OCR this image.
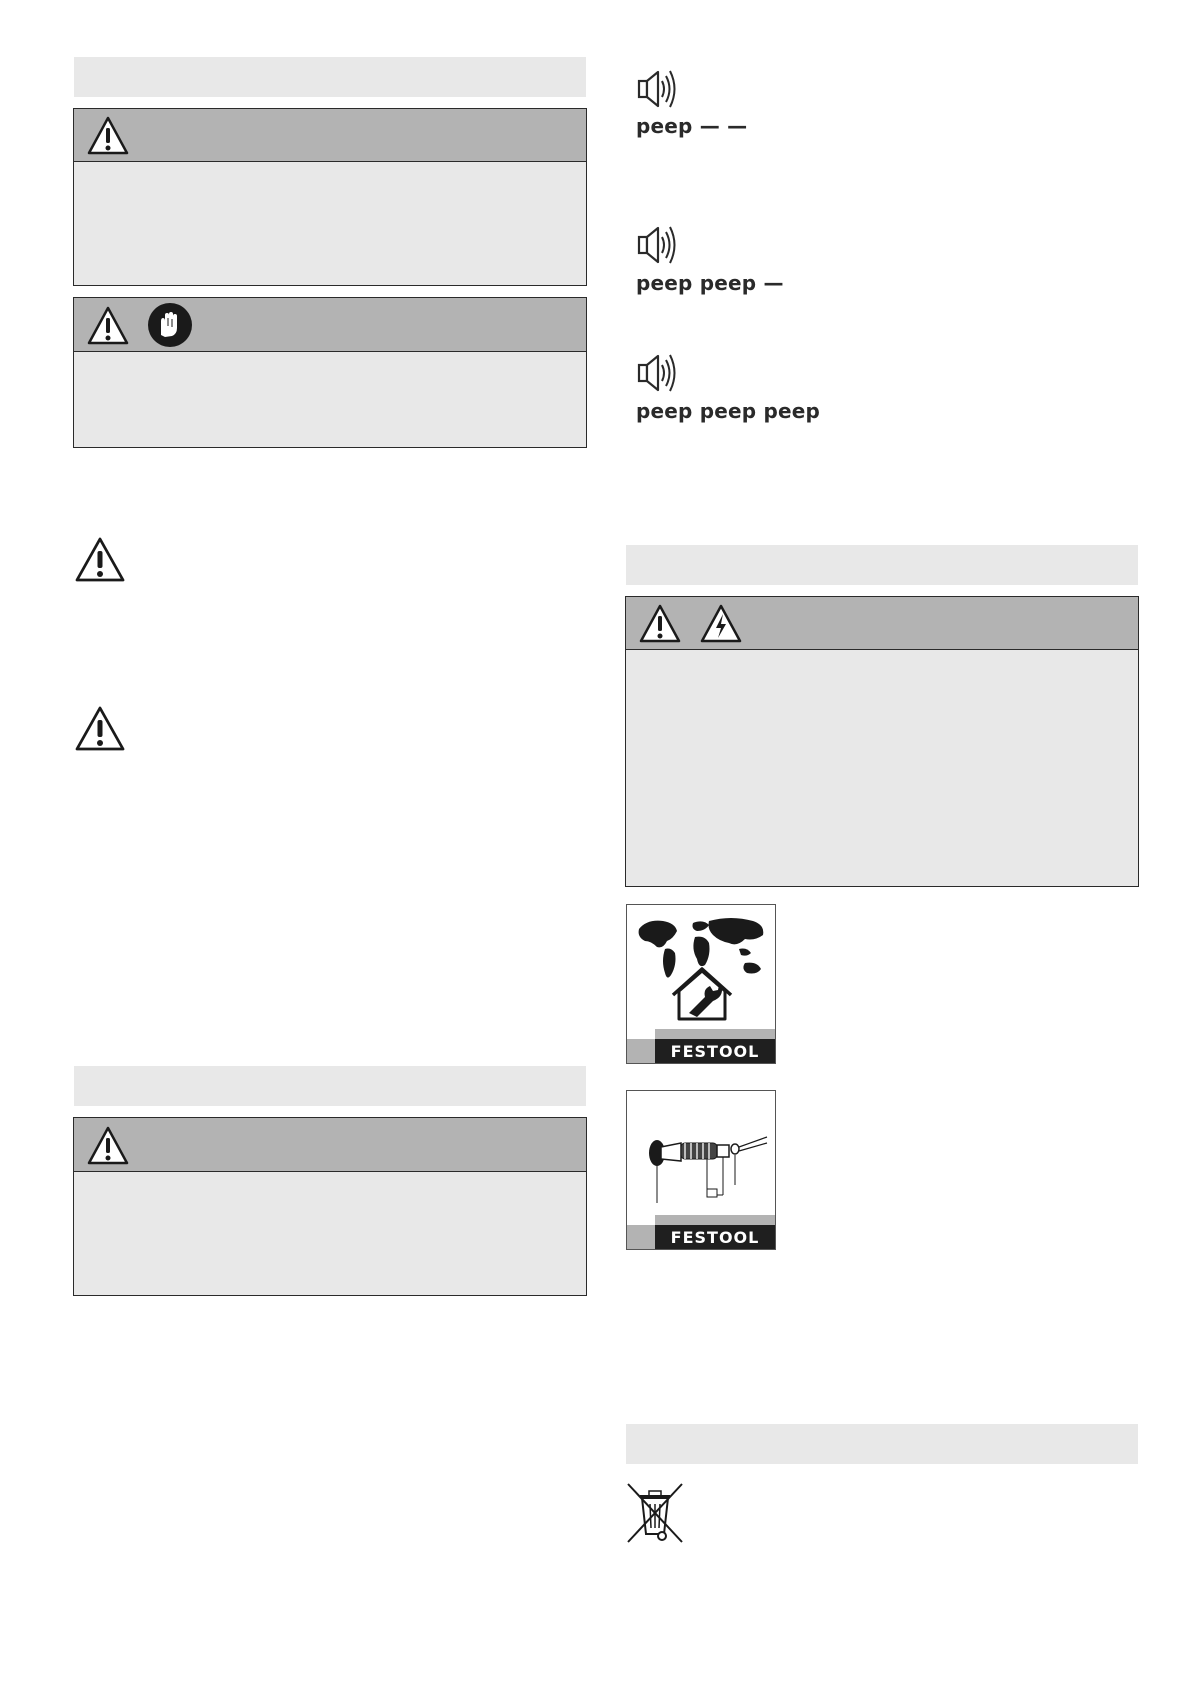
peep — —
peep peep —
peep peep peep
FESTOOL
FESTOOL
